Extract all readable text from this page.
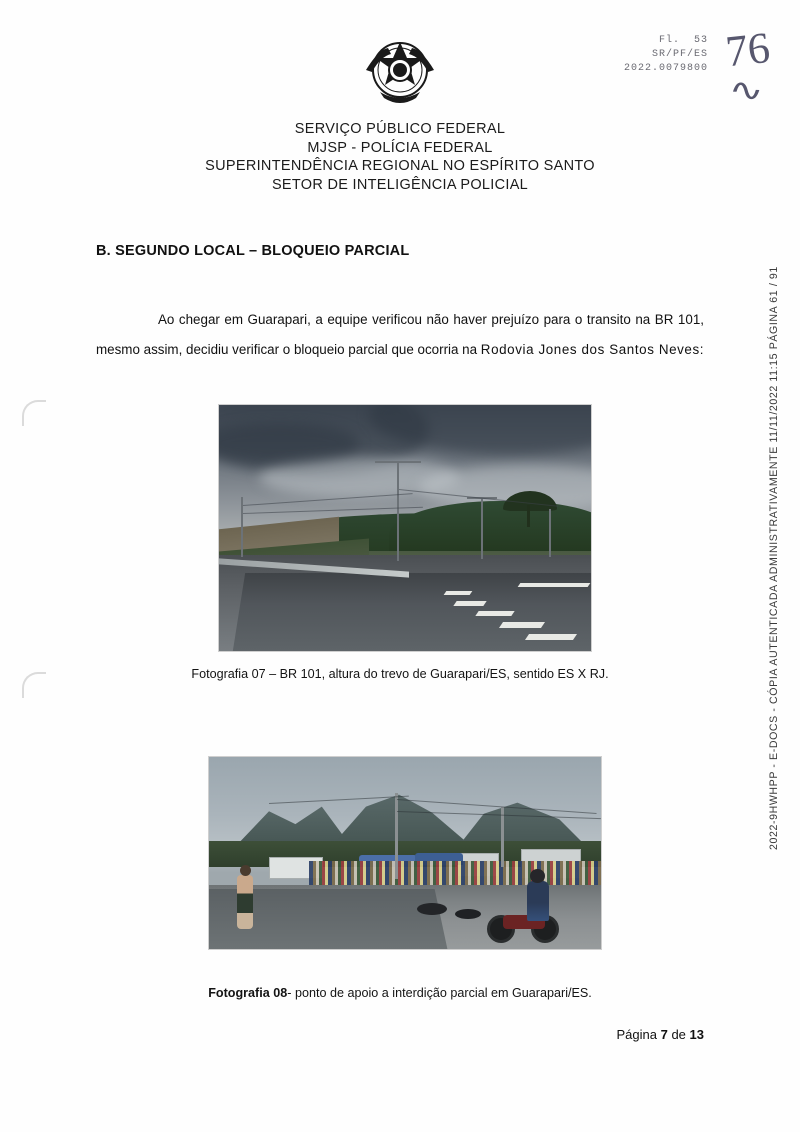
Fl.  53
SR/PF/ES
2022.0079800 76
∿
SERVIÇO PÚBLICO FEDERAL
MJSP - POLÍCIA FEDERAL
SUPERINTENDÊNCIA REGIONAL NO ESPÍRITO SANTO
SETOR DE INTELIGÊNCIA POLICIAL
B. SEGUNDO LOCAL – BLOQUEIO PARCIAL
Ao chegar em Guarapari, a equipe verificou não haver prejuízo para o transito na BR 101, mesmo assim, decidiu verificar o bloqueio parcial que ocorria na Rodovia Jones dos Santos Neves:
Fotografia 07 – BR 101, altura do trevo de Guarapari/ES, sentido ES X RJ.
Fotografia 08- ponto de apoio a interdição parcial em Guarapari/ES.
Página 7 de 13
2022-9HWHPP - E-DOCS - CÓPIA AUTENTICADA ADMINISTRATIVAMENTE 11/11/2022 11:15 PÁGINA 61 / 91
